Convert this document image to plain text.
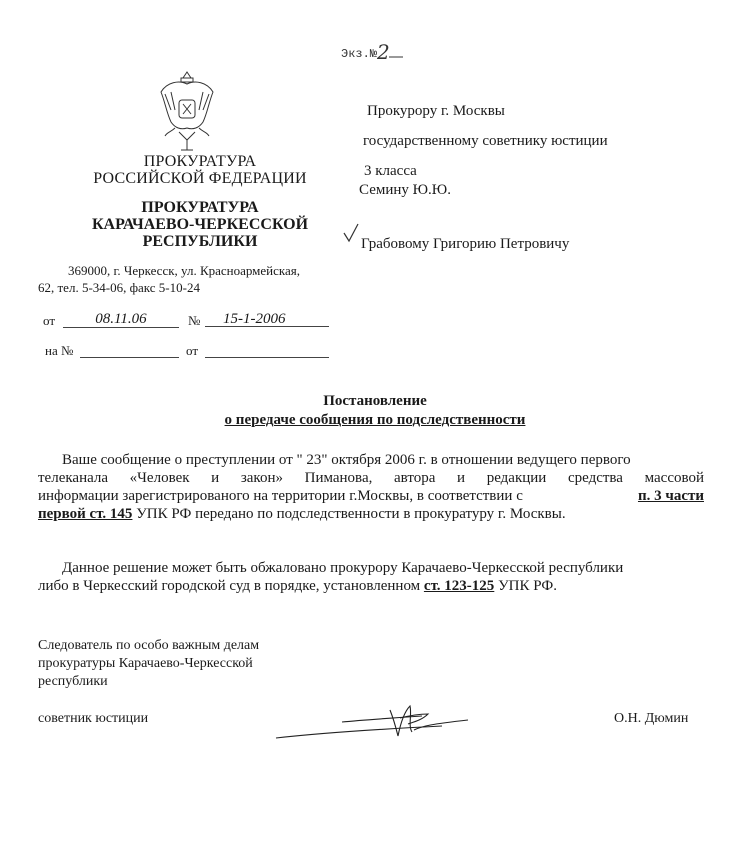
Экз.№2
ПРОКУРАТУРА
РОССИЙСКОЙ ФЕДЕРАЦИИ
ПРОКУРАТУРА
КАРАЧАЕВО-ЧЕРКЕССКОЙ
РЕСПУБЛИКИ
369000, г. Черкесск, ул. Красноармейская,
62, тел. 5-34-06, факс 5-10-24
от	08.11.06	№	15-1-2006
на №	от
Прокурору г. Москвы
государственному советнику юстиции
3 класса
Семину Ю.Ю.
Грабовому Григорию Петровичу
Постановление
о передаче сообщения по подследственности
Ваше сообщение о преступлении от " 23" октября 2006 г. в отношении ведущего первого
телеканала «Человек и закон» Пиманова, автора и редакции средства массовой
информации зарегистрированого на территории г.Москвы, в соответствии с	п. 3 части
первой ст. 145 УПК РФ передано по подследственности в прокуратуру г. Москвы.
Данное решение может быть обжаловано прокурору Карачаево-Черкесской республики
либо в Черкесский городской суд в порядке, установленном ст. 123-125 УПК РФ.
Следователь по особо важным делам
прокуратуры Карачаево-Черкесской
республики
советник юстиции	О.Н. Дюмин
